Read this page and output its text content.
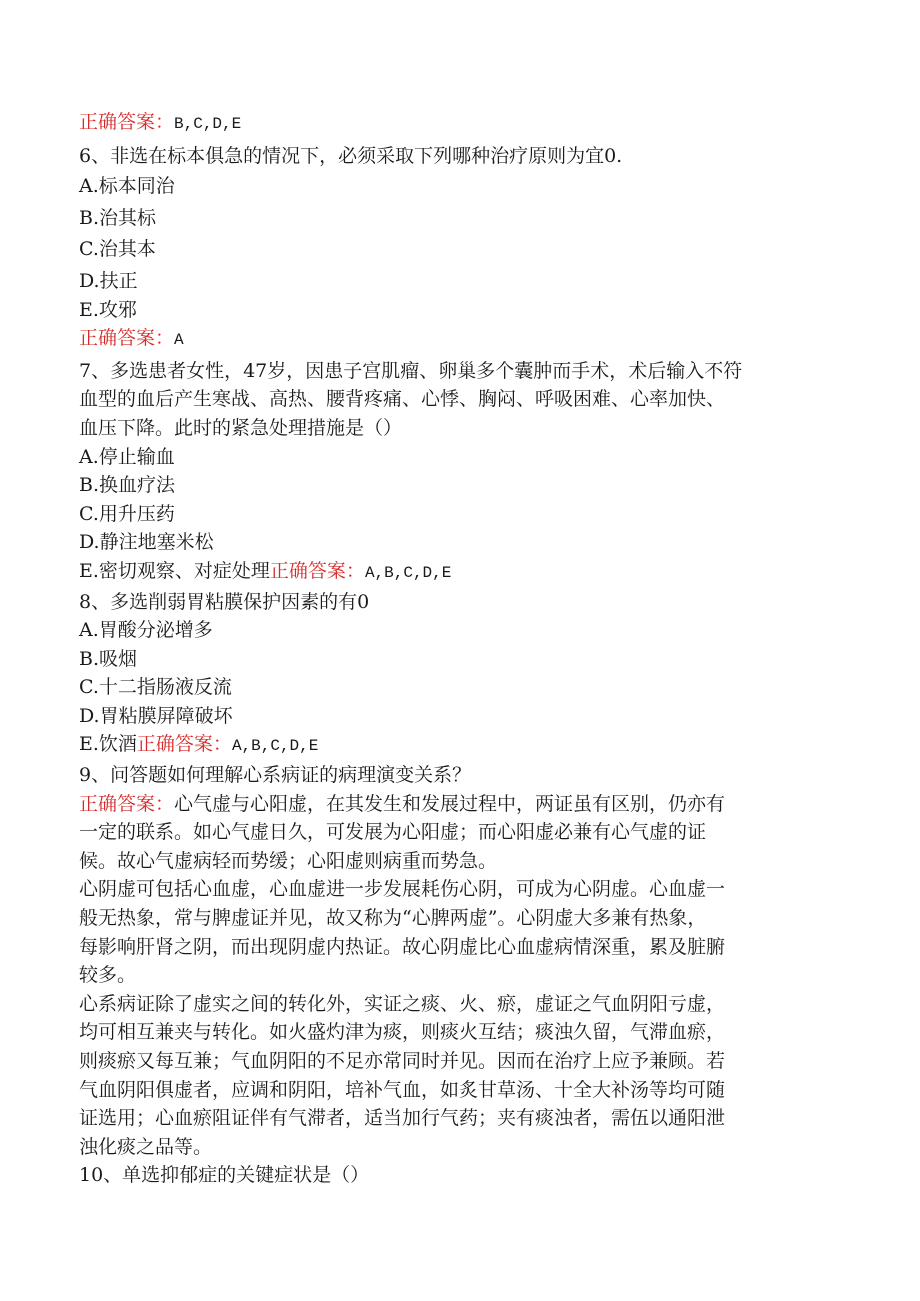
正确答案：B,C,D,E
6、非选在标本俱急的情况下，必须采取下列哪种治疗原则为宜0.
A.标本同治
B.治其标
C.治其本
D.扶正
E.攻邪
正确答案：A
7、多选患者女性，47岁，因患子宫肌瘤、卵巢多个囊肿而手术，术后输入不符
血型的血后产生寒战、高热、腰背疼痛、心悸、胸闷、呼吸困难、心率加快、
血压下降。此时的紧急处理措施是（）
A.停止输血
B.换血疗法
C.用升压药
D.静注地塞米松
E.密切观察、对症处理正确答案：A,B,C,D,E
8、多选削弱胃粘膜保护因素的有0
A.胃酸分泌增多
B.吸烟
C.十二指肠液反流
D.胃粘膜屏障破坏
E.饮酒正确答案：A,B,C,D,E
9、问答题如何理解心系病证的病理演变关系？
正确答案：心气虚与心阳虚，在其发生和发展过程中，两证虽有区别，仍亦有
一定的联系。如心气虚日久，可发展为心阳虚；而心阳虚必兼有心气虚的证
候。故心气虚病轻而势缓；心阳虚则病重而势急。
心阴虚可包括心血虚，心血虚进一步发展耗伤心阴，可成为心阴虚。心血虚一
般无热象，常与脾虚证并见，故又称为“心脾两虚”。心阴虚大多兼有热象，
每影响肝肾之阴，而出现阴虚内热证。故心阴虚比心血虚病情深重，累及脏腑
较多。
心系病证除了虚实之间的转化外，实证之痰、火、瘀，虚证之气血阴阳亏虚，
均可相互兼夹与转化。如火盛灼津为痰，则痰火互结；痰浊久留，气滞血瘀，
则痰瘀又每互兼；气血阴阳的不足亦常同时并见。因而在治疗上应予兼顾。若
气血阴阳俱虚者，应调和阴阳，培补气血，如炙甘草汤、十全大补汤等均可随
证选用；心血瘀阻证伴有气滞者，适当加行气药；夹有痰浊者，需伍以通阳泄
浊化痰之品等。
10、单选抑郁症的关键症状是（）
